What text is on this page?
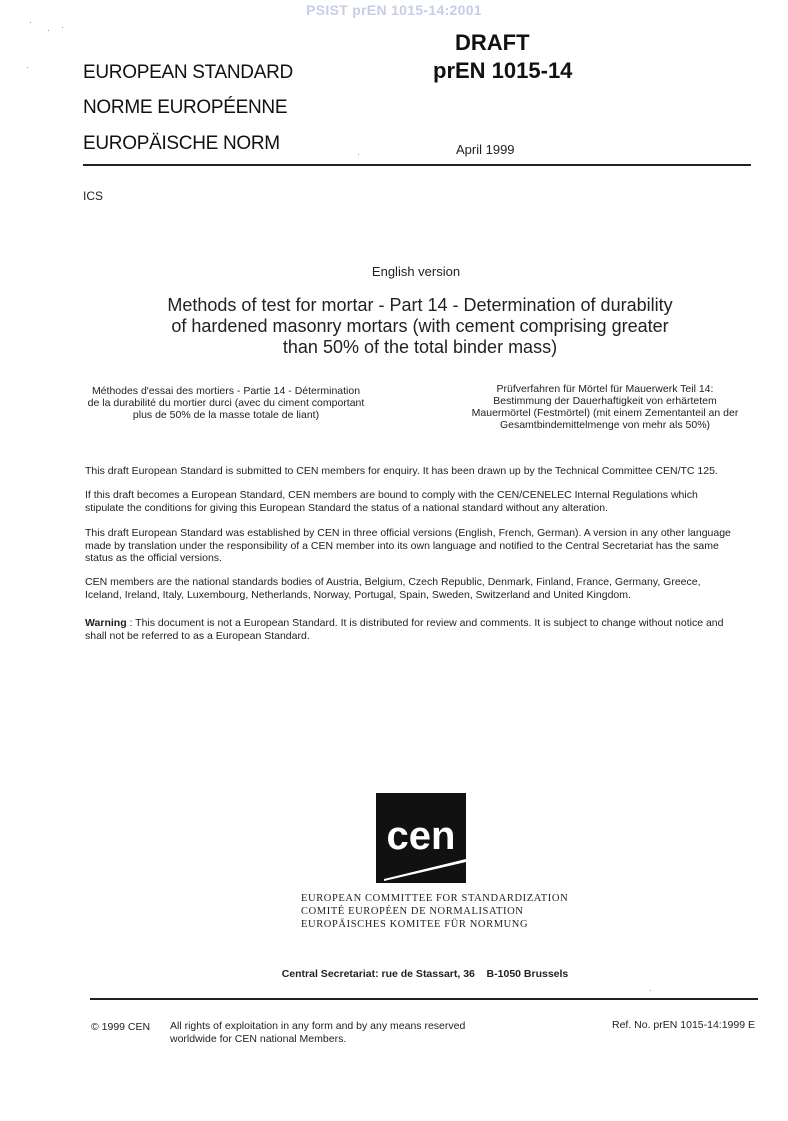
PSIST prEN 1015-14:2001
EUROPEAN STANDARD
NORME EUROPÉENNE
EUROPÄISCHE NORM
DRAFT
prEN 1015-14
April 1999
ICS
English version
Methods of test for mortar - Part 14 - Determination of durability
of hardened masonry mortars (with cement comprising greater
than 50% of the total binder mass)
Méthodes d'essai des mortiers - Partie 14 - Détermination
de la durabilité du mortier durci (avec du ciment comportant
plus de 50% de la masse totale de liant)
Prüfverfahren für Mörtel für Mauerwerk Teil 14:
Bestimmung der Dauerhaftigkeit von erhärtetem
Mauermörtel (Festmörtel) (mit einem Zementanteil an der
Gesamtbindemittelmenge von mehr als 50%)
This draft European Standard is submitted to CEN members for enquiry. It has been drawn up by the Technical Committee CEN/TC 125.
If this draft becomes a European Standard, CEN members are bound to comply with the CEN/CENELEC Internal Regulations which
stipulate the conditions for giving this European Standard the status of a national standard without any alteration.
This draft European Standard was established by CEN in three official versions (English, French, German). A version in any other language
made by translation under the responsibility of a CEN member into its own language and notified to the Central Secretariat has the same
status as the official versions.
CEN members are the national standards bodies of Austria, Belgium, Czech Republic, Denmark, Finland, France, Germany, Greece,
Iceland, Ireland, Italy, Luxembourg, Netherlands, Norway, Portugal, Spain, Sweden, Switzerland and United Kingdom.
Warning : This document is not a European Standard. It is distributed for review and comments. It is subject to change without notice and
shall not be referred to as a European Standard.
cen
EUROPEAN COMMITTEE FOR STANDARDIZATION
COMITÉ EUROPÉEN DE NORMALISATION
EUROPÄISCHES KOMITEE FÜR NORMUNG
Central Secretariat: rue de Stassart, 36    B-1050 Brussels
© 1999 CEN All rights of exploitation in any form and by any means reserved
worldwide for CEN national Members.
Ref. No. prEN 1015-14:1999 E
